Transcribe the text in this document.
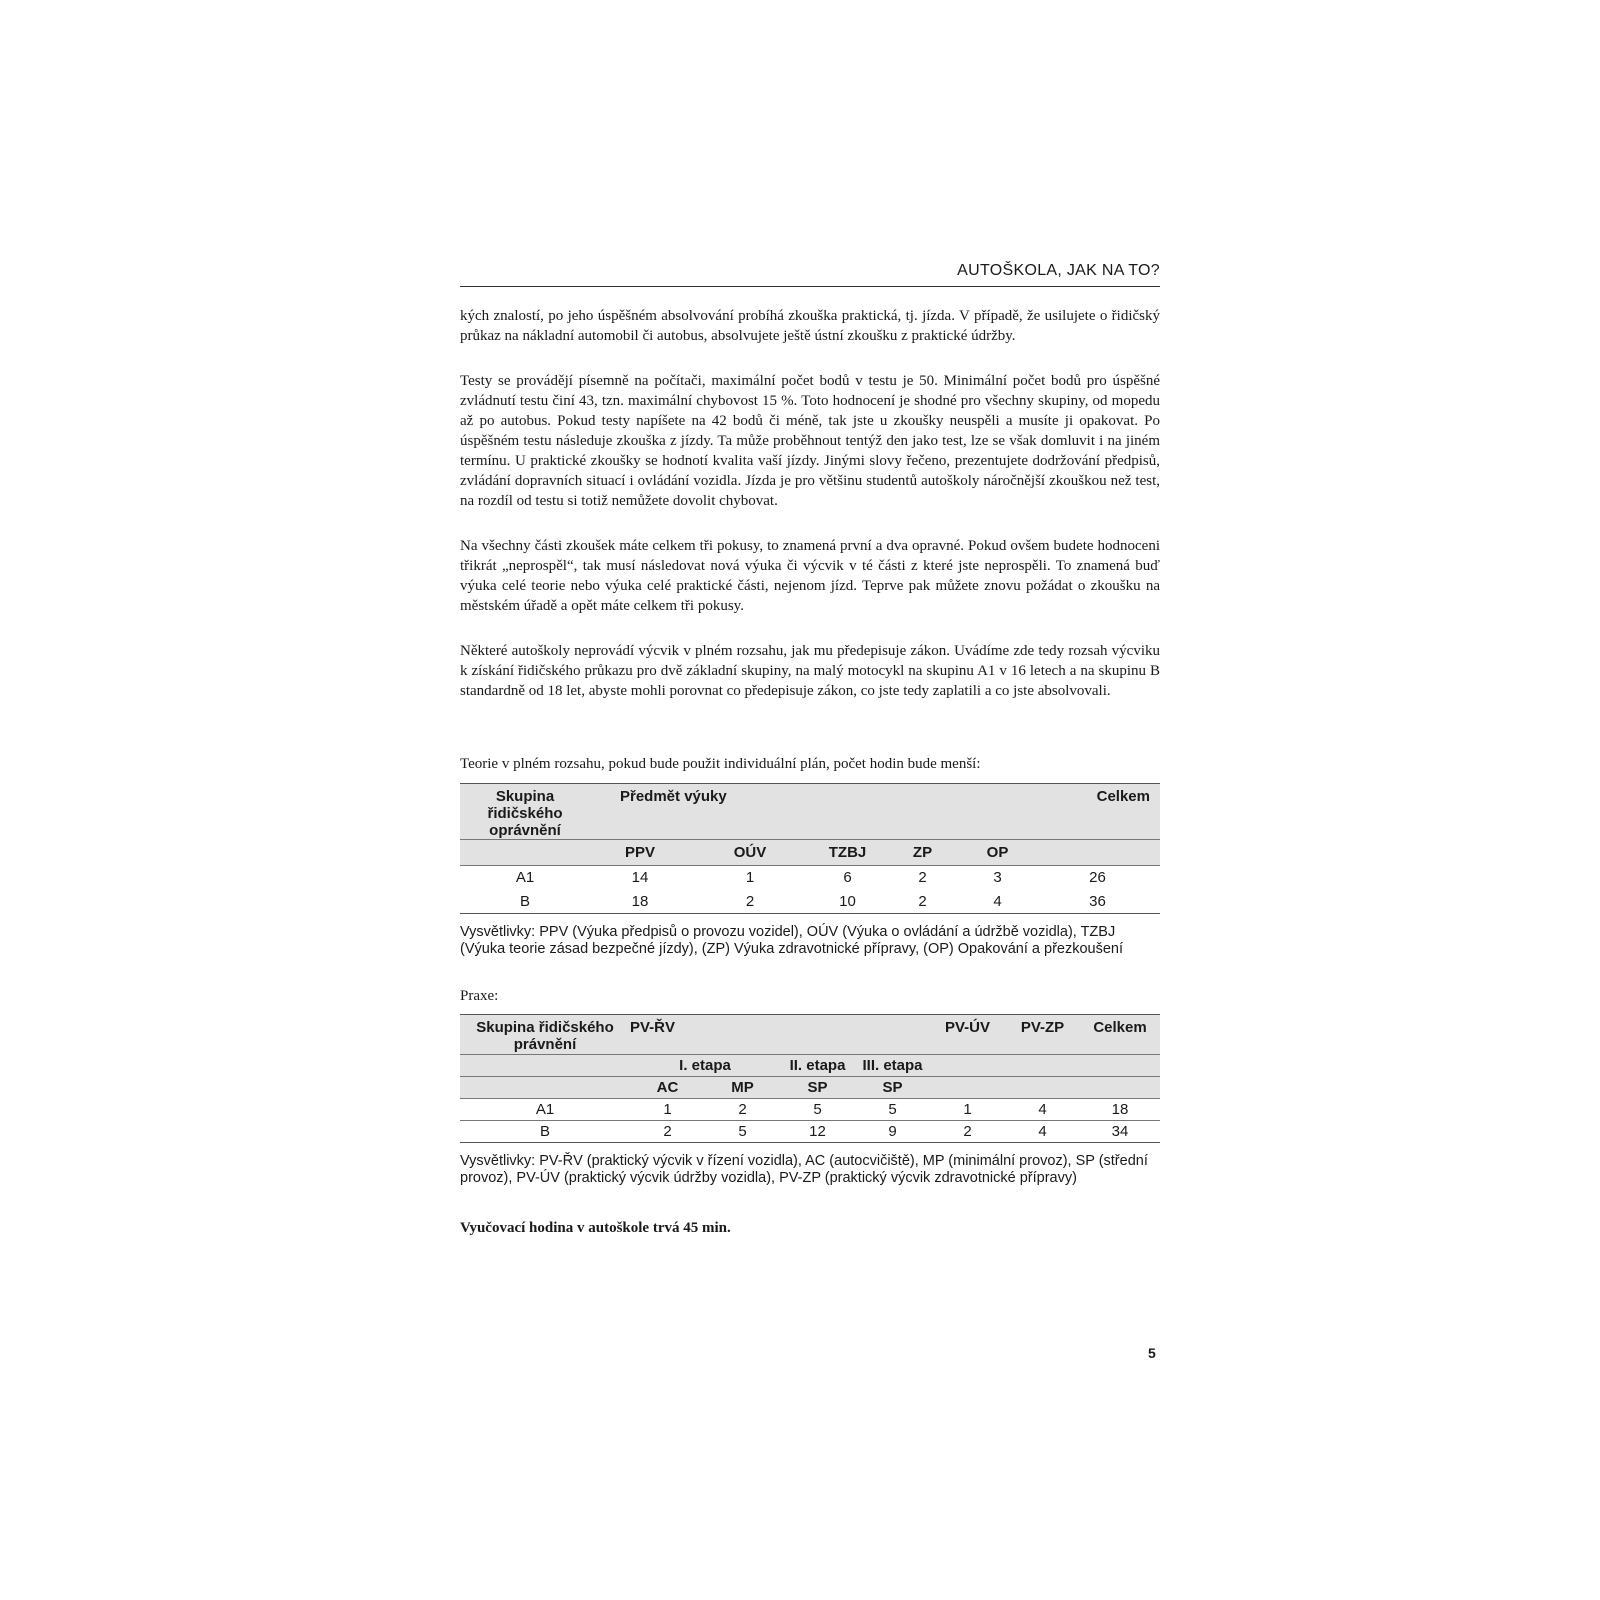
AUTOŠKOLA, JAK NA TO?

kých znalostí, po jeho úspěšném absolvování probíhá zkouška praktická, tj. jízda. V případě, že usilujete o řidičský průkaz na nákladní automobil či autobus, absolvujete ještě ústní zkoušku z praktické údržby.

Testy se provádějí písemně na počítači, maximální počet bodů v testu je 50. Minimální počet bodů pro úspěšné zvládnutí testu činí 43, tzn. maximální chybovost 15 %. Toto hodnocení je shodné pro všechny skupiny, od mopedu až po autobus. Pokud testy napíšete na 42 bodů či méně, tak jste u zkoušky neuspěli a musíte ji opakovat. Po úspěšném testu následuje zkouška z jízdy. Ta může proběhnout tentýž den jako test, lze se však domluvit i na jiném termínu. U praktické zkoušky se hodnotí kvalita vaší jízdy. Jinými slovy řečeno, prezentujete dodržování předpisů, zvládání dopravních situací i ovládání vozidla. Jízda je pro většinu studentů autoškoly náročnější zkouškou než test, na rozdíl od testu si totiž nemůžete dovolit chybovat.

Na všechny části zkoušek máte celkem tři pokusy, to znamená první a dva opravné. Pokud ovšem budete hodnoceni třikrát „neprospěl“, tak musí následovat nová výuka či výcvik v té části z které jste neprospěli. To znamená buď výuka celé teorie nebo výuka celé praktické části, nejenom jízd. Teprve pak můžete znovu požádat o zkoušku na městském úřadě a opět máte celkem tři pokusy.

Některé autoškoly neprovádí výcvik v plném rozsahu, jak mu předepisuje zákon. Uvádíme zde tedy rozsah výcviku k získání řidičského průkazu pro dvě základní skupiny, na malý motocykl na skupinu A1 v 16 letech a na skupinu B standardně od 18 let, abyste mohli porovnat co předepisuje zákon, co jste tedy zaplatili a co jste absolvovali.

Teorie v plném rozsahu, pokud bude použit individuální plán, počet hodin bude menší:

Skupina řidičského oprávnění	Předmět výuky					Celkem
	PPV	OÚV	TZBJ	ZP	OP	
A1	14	1	6	2	3	26
B	18	2	10	2	4	36

Vysvětlivky: PPV (Výuka předpisů o provozu vozidel), OÚV (Výuka o ovládání a údržbě vozidla), TZBJ (Výuka teorie zásad bezpečné jízdy), (ZP) Výuka zdravotnické přípravy, (OP) Opakování a přezkoušení

Praxe:

Skupina řidičského právnění	PV-ŘV				PV-ÚV	PV-ZP	Celkem
	I. etapa		II. etapa	III. etapa			
	AC	MP	SP	SP			
A1	1	2	5	5	1	4	18
B	2	5	12	9	2	4	34

Vysvětlivky: PV-ŘV (praktický výcvik v řízení vozidla), AC (autocvičiště), MP (minimální provoz), SP (střední provoz), PV-ÚV (praktický výcvik údržby vozidla), PV-ZP (praktický výcvik zdravotnické přípravy)

Vyučovací hodina v autoškole trvá 45 min.

5
